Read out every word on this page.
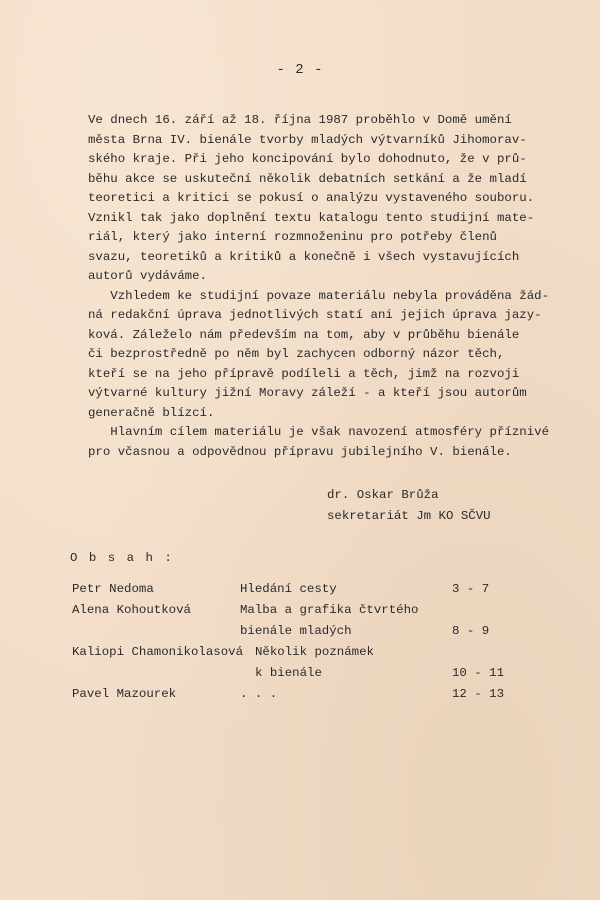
- 2 -
Ve dnech 16. září až 18. října 1987 proběhlo v Domě umění
města Brna IV. bienále tvorby mladých výtvarníků Jihomorav-
ského kraje. Při jeho koncipování bylo dohodnuto, že v prů-
běhu akce se uskuteční několik debatních setkání a že mladí
teoretici a kritici se pokusí o analýzu vystaveného souboru.
Vznikl tak jako doplnění textu katalogu tento studijní mate-
riál, který jako interní rozmnoženinu pro potřeby členů
svazu, teoretiků a kritiků a konečně i všech vystavujících
autorů vydáváme.
Vzhledem ke studijní povaze materiálu nebyla prováděna žád-
ná redakční úprava jednotlivých statí ani jejich úprava jazy-
ková. Záleželo nám především na tom, aby v průběhu bienále
či bezprostředně po něm byl zachycen odborný názor těch,
kteří se na jeho přípravě podíleli a těch, jimž na rozvoji
výtvarné kultury jižní Moravy záleží - a kteří jsou autorům
generačně blízcí.
Hlavním cílem materiálu je však navození atmosféry příznivé
pro včasnou a odpovědnou přípravu jubilejního V. bienále.
dr. Oskar Brůža
sekretariát Jm KO SČVU
O b s a h :
Petr Nedoma	Hledání cesty	3 - 7
Alena Kohoutková	Malba a grafika čtvrtého
bienále mladých	8 - 9
Kaliopi Chamonikolasová Několik poznámek
k bienále	10 - 11
Pavel Mazourek	. . .	12 - 13
